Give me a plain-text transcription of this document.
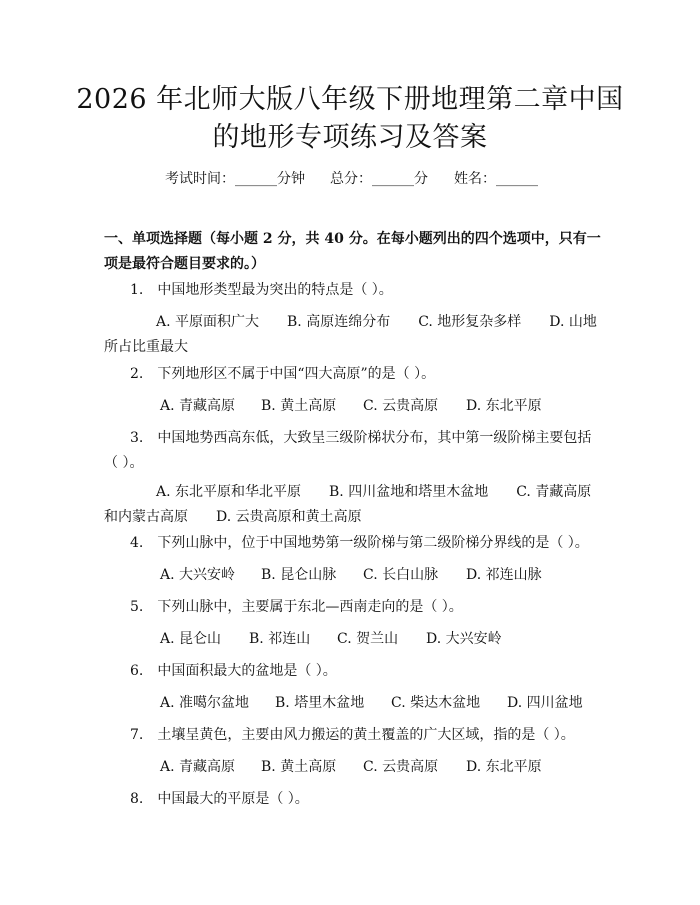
2026 年北师大版八年级下册地理第二章中国
的地形专项练习及答案
考试时间：______分钟 总分：______分 姓名：______

一、单项选择题（每小题 2 分，共 40 分。在每小题列出的四个选项中，只有一项是最符合题目要求的。）

1.　中国地形类型最为突出的特点是（ ）。

A. 平原面积广大　　B. 高原连绵分布　　C. 地形复杂多样　　D. 山地所占比重最大

2.　下列地形区不属于中国“四大高原”的是（ ）。

A. 青藏高原 B. 黄土高原 C. 云贵高原 D. 东北平原

3.　中国地势西高东低，大致呈三级阶梯状分布，其中第一级阶梯主要包括（ ）。

A. 东北平原和华北平原　　B. 四川盆地和塔里木盆地　　C. 青藏高原和内蒙古高原　　D. 云贵高原和黄土高原

4.　下列山脉中，位于中国地势第一级阶梯与第二级阶梯分界线的是（ ）。

A. 大兴安岭 B. 昆仑山脉 C. 长白山脉 D. 祁连山脉

5.　下列山脉中，主要属于东北—西南走向的是（ ）。

A. 昆仑山 B. 祁连山 C. 贺兰山 D. 大兴安岭

6.　中国面积最大的盆地是（ ）。

A. 准噶尔盆地 B. 塔里木盆地 C. 柴达木盆地 D. 四川盆地

7.　土壤呈黄色，主要由风力搬运的黄土覆盖的广大区域，指的是（ ）。

A. 青藏高原 B. 黄土高原 C. 云贵高原 D. 东北平原

8.　中国最大的平原是（ ）。
